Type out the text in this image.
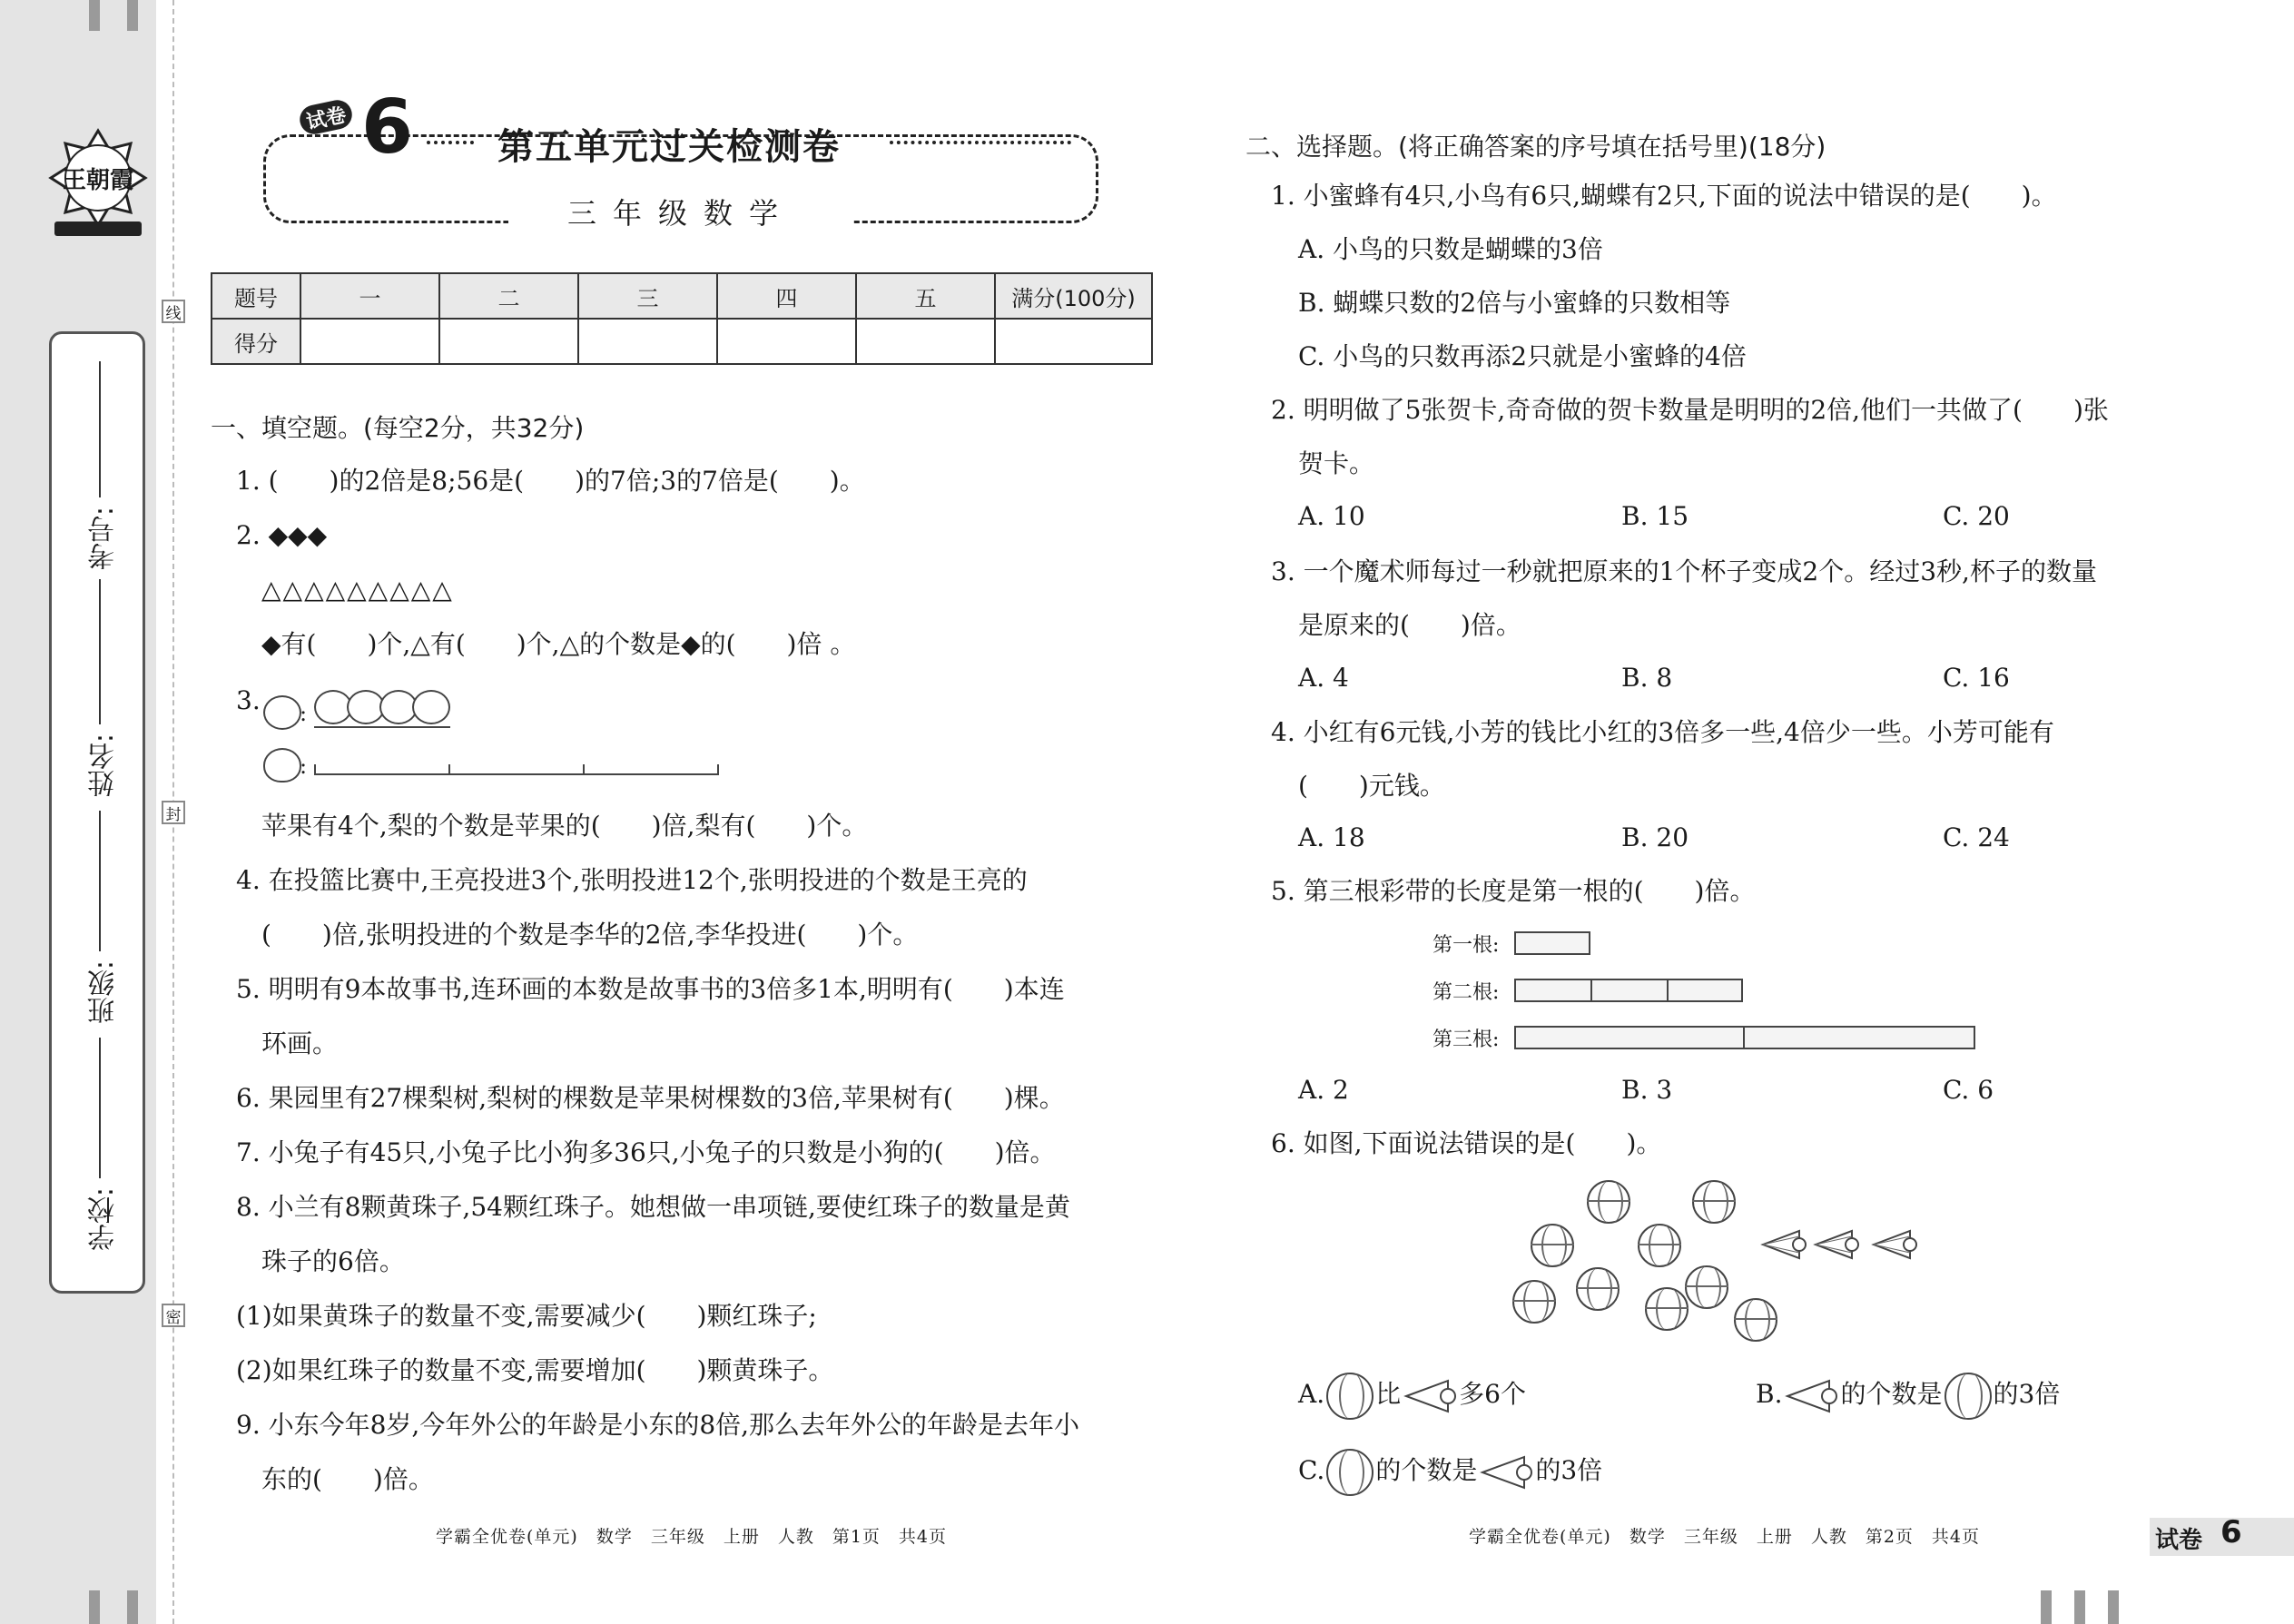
王朝霞
考号:
姓名:
班级:
学校:
线
封
密
试卷 6 第五单元过关检测卷
三年级数学
题号	一	二	三	四	五	满分(100分)
得分						
一、填空题。(每空2分，共32分)
1. (　　)的2倍是8;56是(　　)的7倍;3的7倍是(　　)。
2. ◆◆◆
△△△△△△△△△
◆有(　　)个,△有(　　)个,△的个数是◆的(　　)倍 。
3. :
:
苹果有4个,梨的个数是苹果的(　　)倍,梨有(　　)个。
4. 在投篮比赛中,王亮投进3个,张明投进12个,张明投进的个数是王亮的
(　　)倍,张明投进的个数是李华的2倍,李华投进(　　)个。
5. 明明有9本故事书,连环画的本数是故事书的3倍多1本,明明有(　　)本连
环画。
6. 果园里有27棵梨树,梨树的棵数是苹果树棵数的3倍,苹果树有(　　)棵。
7. 小兔子有45只,小兔子比小狗多36只,小兔子的只数是小狗的(　　)倍。
8. 小兰有8颗黄珠子,54颗红珠子。她想做一串项链,要使红珠子的数量是黄
珠子的6倍。
(1)如果黄珠子的数量不变,需要减少(　　)颗红珠子;
(2)如果红珠子的数量不变,需要增加(　　)颗黄珠子。
9. 小东今年8岁,今年外公的年龄是小东的8倍,那么去年外公的年龄是去年小
东的(　　)倍。
学霸全优卷(单元)　数学　三年级　上册　人教　第1页　共4页
二、选择题。(将正确答案的序号填在括号里)(18分)
1. 小蜜蜂有4只,小鸟有6只,蝴蝶有2只,下面的说法中错误的是(　　)。
A. 小鸟的只数是蝴蝶的3倍
B. 蝴蝶只数的2倍与小蜜蜂的只数相等
C. 小鸟的只数再添2只就是小蜜蜂的4倍
2. 明明做了5张贺卡,奇奇做的贺卡数量是明明的2倍,他们一共做了(　　)张
贺卡。
A. 10	B. 15	C. 20
3. 一个魔术师每过一秒就把原来的1个杯子变成2个。经过3秒,杯子的数量
是原来的(　　)倍。
A. 4	B. 8	C. 16
4. 小红有6元钱,小芳的钱比小红的3倍多一些,4倍少一些。小芳可能有
(　　)元钱。
A. 18	B. 20	C. 24
5. 第三根彩带的长度是第一根的(　　)倍。
第一根:
第二根:
第三根:
A. 2	B. 3	C. 6
6. 如图,下面说法错误的是(　　)。
A. 比 多6个	B. 的个数是 的3倍
C. 的个数是 的3倍
学霸全优卷(单元)　数学　三年级　上册　人教　第2页　共4页	试卷 6
